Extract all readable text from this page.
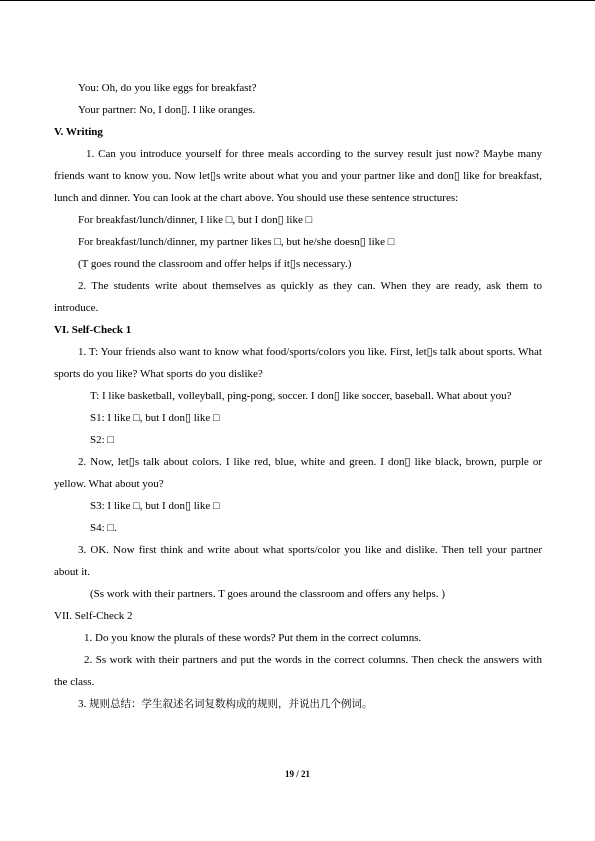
You: Oh, do you like eggs for breakfast?

Your partner: No, I don▯. I like oranges.

V. Writing

1. Can you introduce yourself for three meals according to the survey result just now? Maybe many friends want to know you. Now let▯s write about what you and your partner like and don▯ like for breakfast, lunch and dinner. You can look at the chart above. You should use these sentence structures:

For breakfast/lunch/dinner, I like □, but I don▯ like □

For breakfast/lunch/dinner, my partner likes □, but he/she doesn▯ like □

(T goes round the classroom and offer helps if it▯s necessary.)

2. The students write about themselves as quickly as they can. When they are ready, ask them to introduce.

VI. Self-Check 1

1. T: Your friends also want to know what food/sports/colors you like. First, let▯s talk about sports. What sports do you like? What sports do you dislike?

T: I like basketball, volleyball, ping-pong, soccer. I don▯ like soccer, baseball. What about you?

S1: I like □, but I don▯ like □

S2: □

2. Now, let▯s talk about colors. I like red, blue, white and green. I don▯ like black, brown, purple or yellow. What about you?

S3: I like □, but I don▯ like □

S4: □.

3. OK. Now first think and write about what sports/color you like and dislike. Then tell your partner about it.

(Ss work with their partners. T goes around the classroom and offers any helps. )

VII. Self-Check 2

1. Do you know the plurals of these words? Put them in the correct columns.

2. Ss work with their partners and put the words in the correct columns. Then check the answers with the class.

3. 规则总结：学生叙述名词复数构成的规则，并说出几个例词。

19 / 21
